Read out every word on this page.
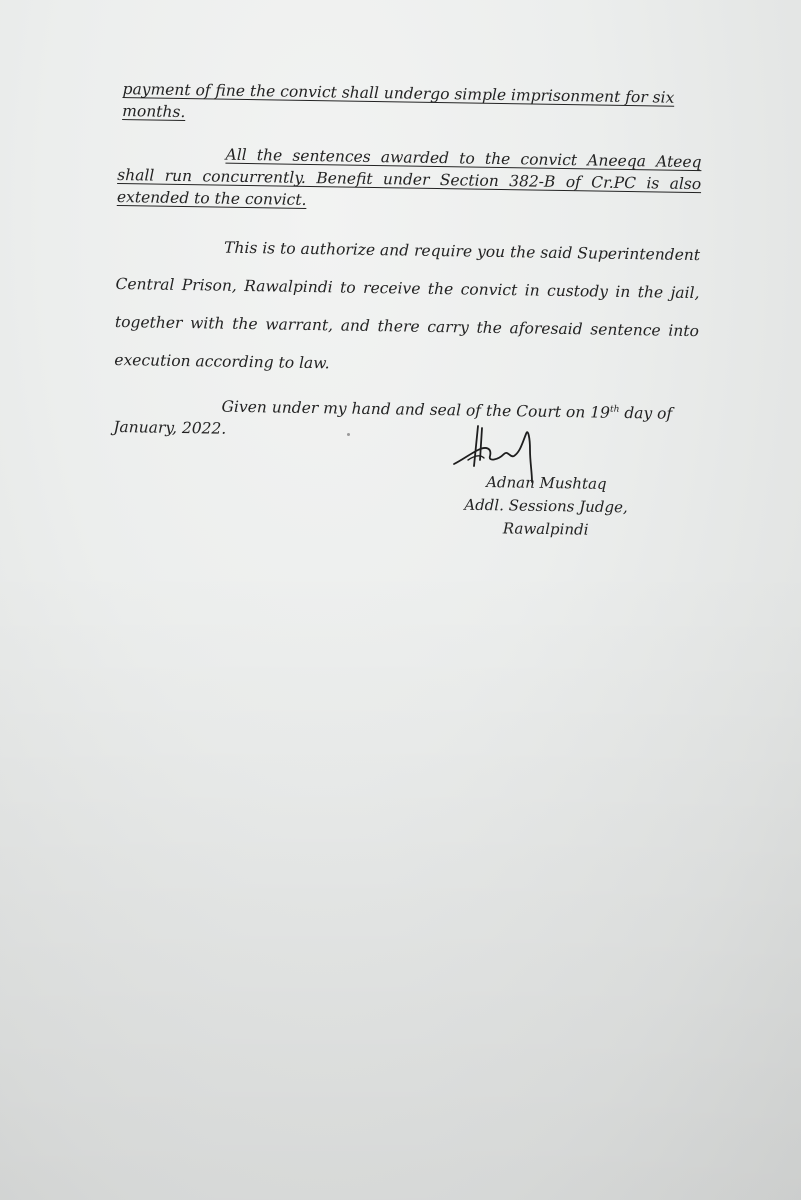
payment of fine the convict shall undergo simple imprisonment for six
months.
All the sentences awarded to the convict Aneeqa Ateeq shall run concurrently. Benefit under Section 382-B of Cr.PC is also extended to the convict.
This is to authorize and require you the said Superintendent Central Prison, Rawalpindi to receive the convict in custody in the jail, together with the warrant, and there carry the aforesaid sentence into execution according to law.
Given under my hand and seal of the Court on 19th day of January, 2022.
Adnan Mushtaq
Addl. Sessions Judge,
Rawalpindi
